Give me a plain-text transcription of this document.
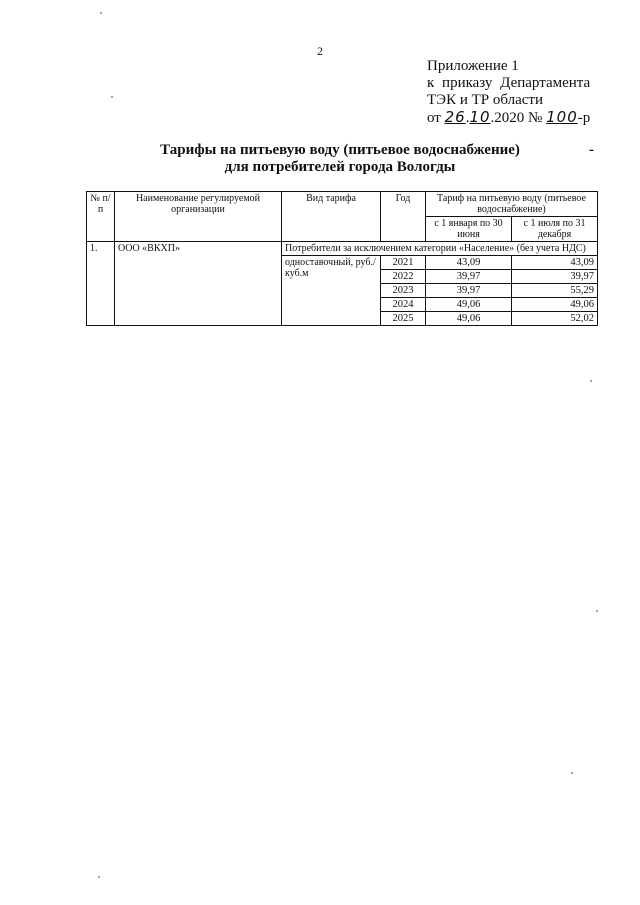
2
Приложение 1
к приказу Департамента
ТЭК и ТР области
от 26.10.2020 № 100-р
Тарифы на питьевую воду (питьевое водоснабжение)
для потребителей города Вологды
-
№ п/п	Наименование регулируемой организации	Вид тарифа	Год	Тариф на питьевую воду (питьевое водоснабжение)	
				с 1 января по 30 июня	с 1 июля по 31 декабря
1.	ООО «ВКХП»	Потребители за исключением категории «Население» (без учета НДС)			
		одноставочный, руб./куб.м	2021	43,09	43,09
			2022	39,97	39,97
			2023	39,97	55,29
			2024	49,06	49,06
			2025	49,06	52,02
